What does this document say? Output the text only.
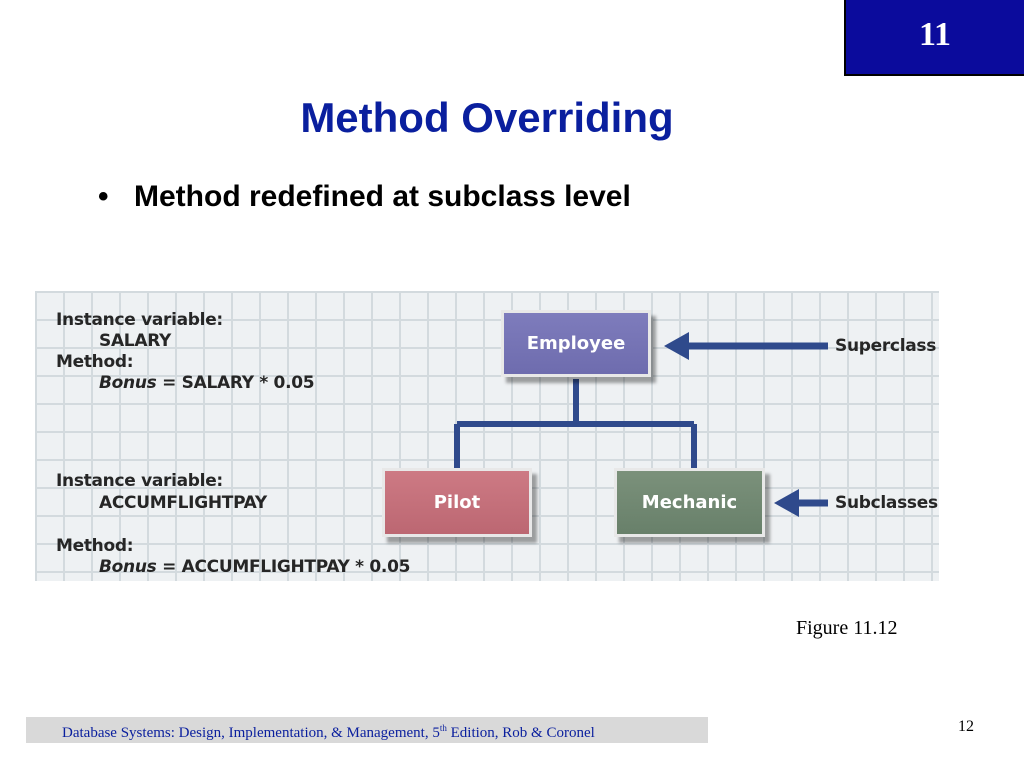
11
Method Overriding
• Method redefined at subclass level
Instance variable:
SALARY
Method:
Bonus = SALARY * 0.05
Instance variable:
ACCUMFLIGHTPAY
Method:
Bonus = ACCUMFLIGHTPAY * 0.05
Employee
Pilot	Mechanic
Superclass
Subclasses
Figure 11.12
Database Systems: Design, Implementation, & Management, 5th Edition, Rob & Coronel	12
